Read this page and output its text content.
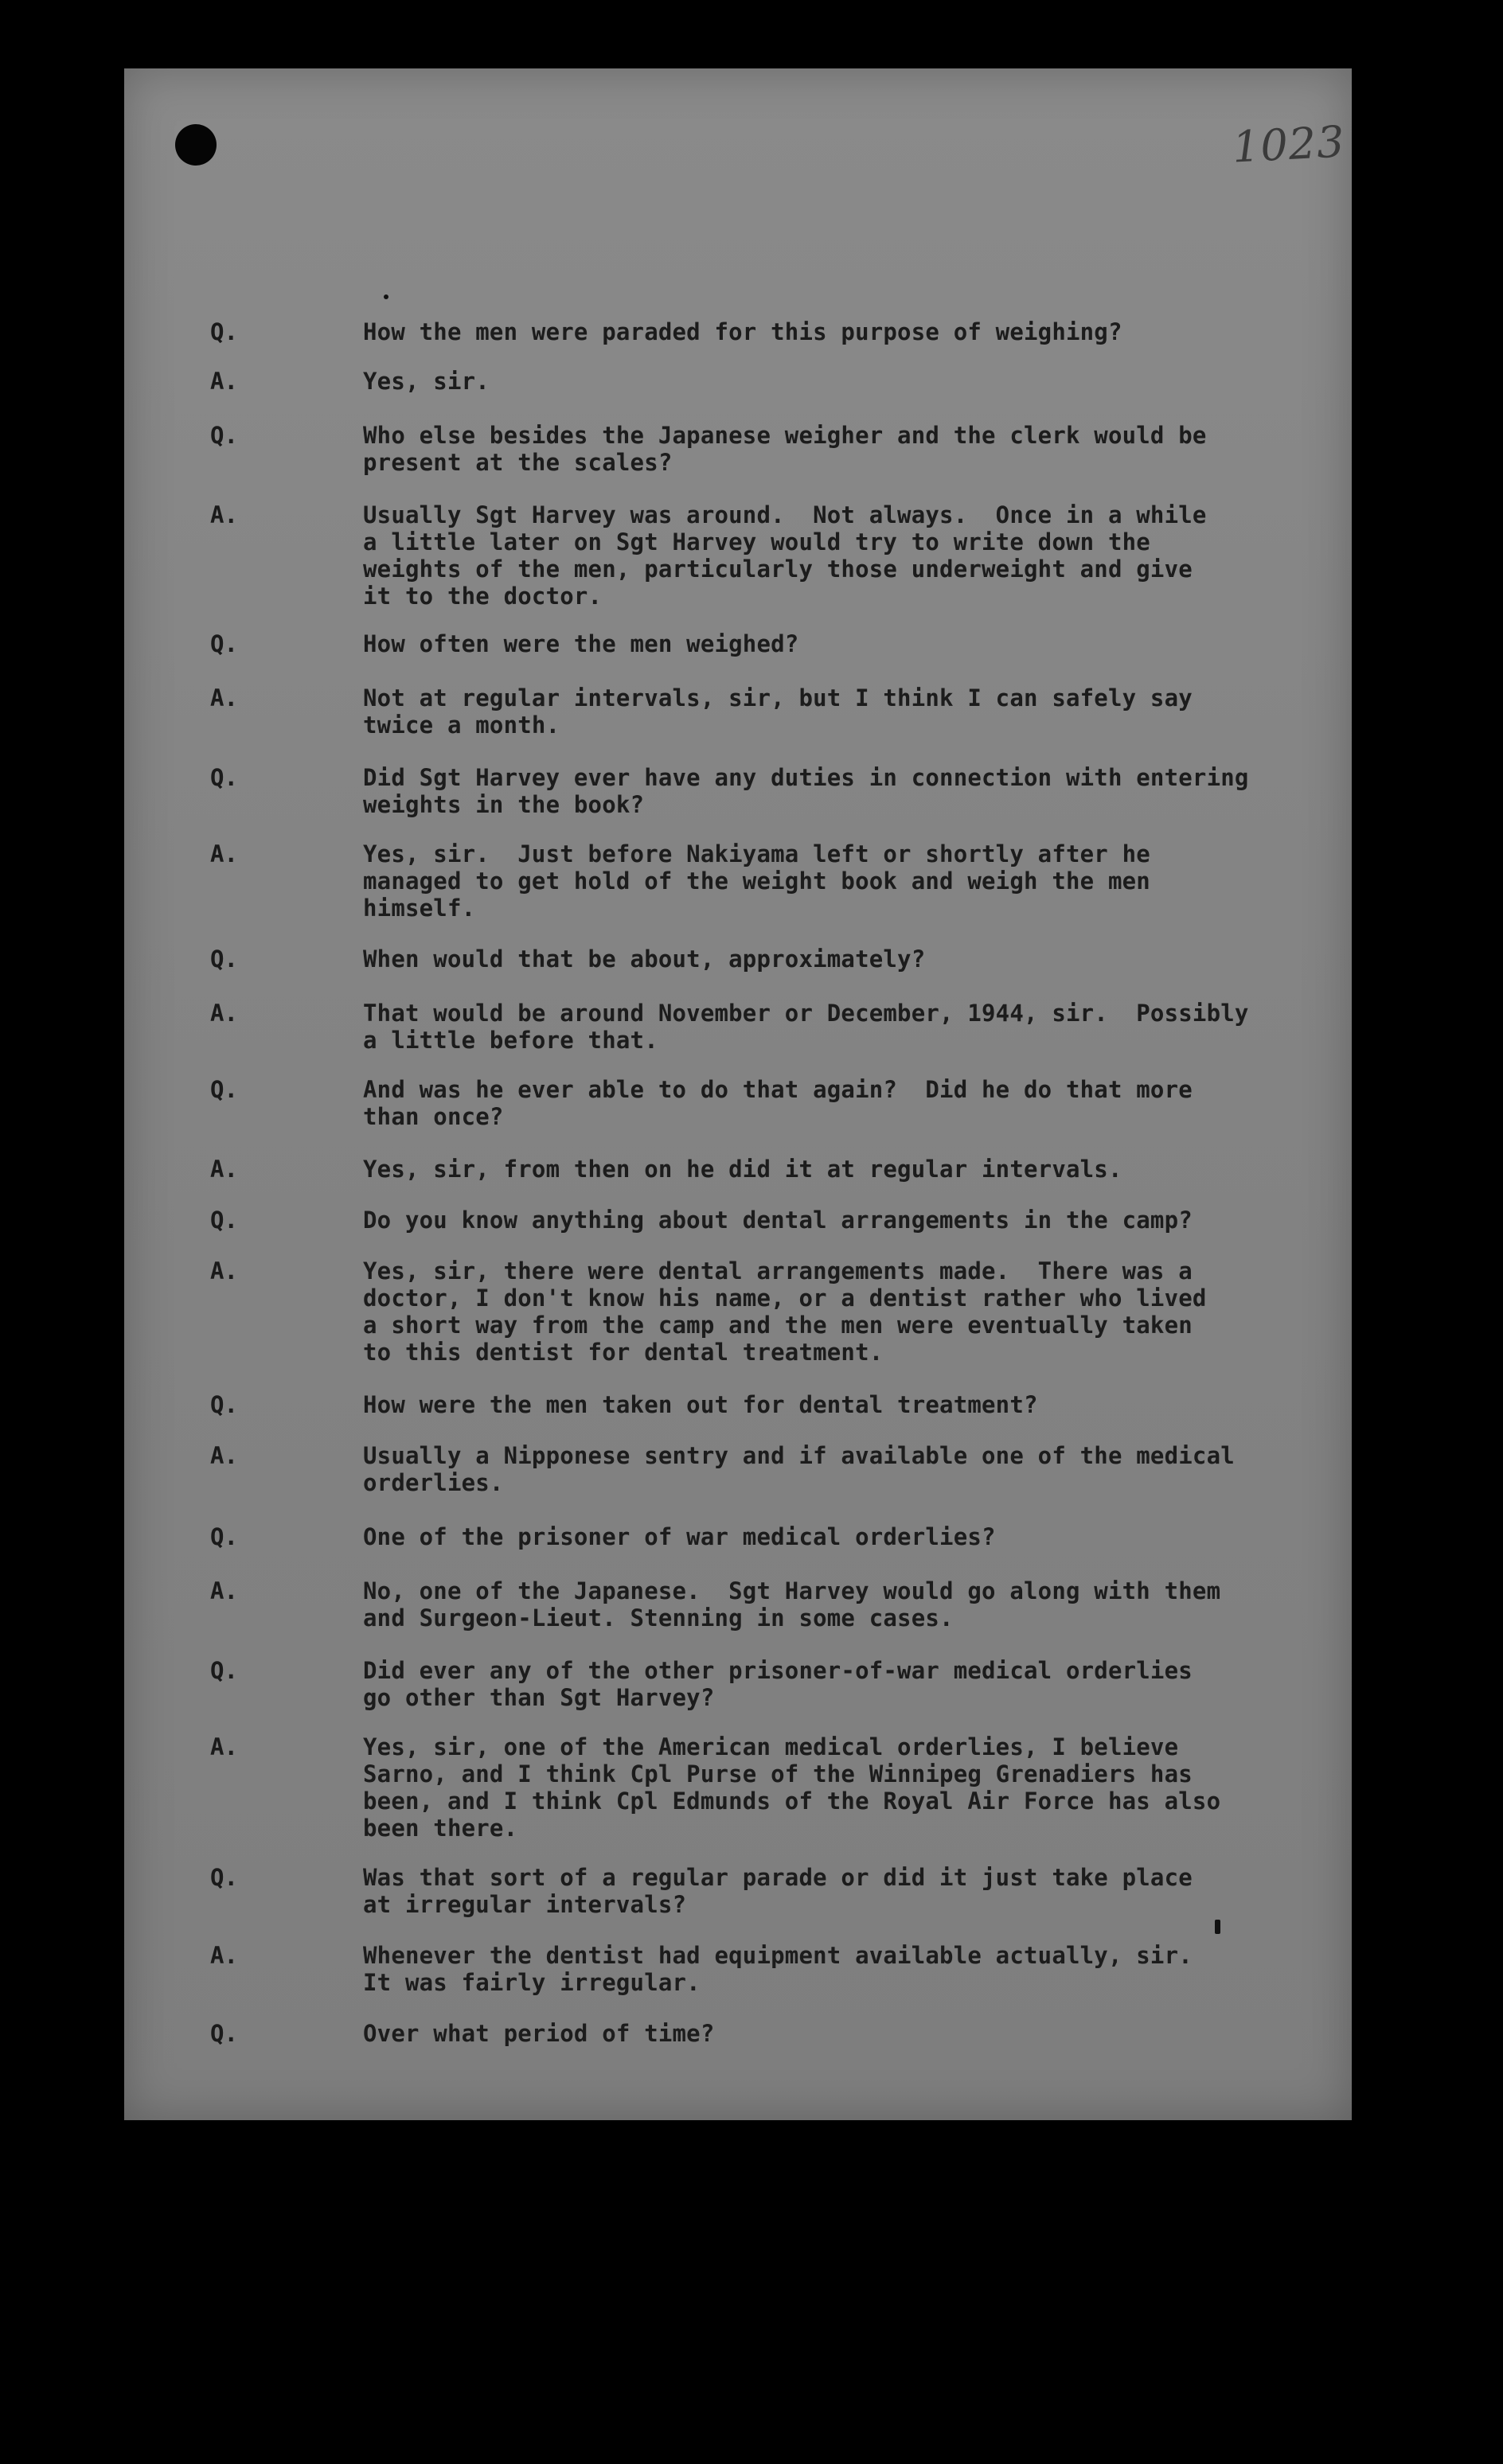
1023
Q.	How the men were paraded for this purpose of weighing?
A.	Yes, sir.
Q.	Who else besides the Japanese weigher and the clerk would be
present at the scales?
A.	Usually Sgt Harvey was around.  Not always.  Once in a while
a little later on Sgt Harvey would try to write down the
weights of the men, particularly those underweight and give
it to the doctor.
Q.	How often were the men weighed?
A.	Not at regular intervals, sir, but I think I can safely say
twice a month.
Q.	Did Sgt Harvey ever have any duties in connection with entering
weights in the book?
A.	Yes, sir.  Just before Nakiyama left or shortly after he
managed to get hold of the weight book and weigh the men
himself.
Q.	When would that be about, approximately?
A.	That would be around November or December, 1944, sir.  Possibly
a little before that.
Q.	And was he ever able to do that again?  Did he do that more
than once?
A.	Yes, sir, from then on he did it at regular intervals.
Q.	Do you know anything about dental arrangements in the camp?
A.	Yes, sir, there were dental arrangements made.  There was a
doctor, I don't know his name, or a dentist rather who lived
a short way from the camp and the men were eventually taken
to this dentist for dental treatment.
Q.	How were the men taken out for dental treatment?
A.	Usually a Nipponese sentry and if available one of the medical
orderlies.
Q.	One of the prisoner of war medical orderlies?
A.	No, one of the Japanese.  Sgt Harvey would go along with them
and Surgeon-Lieut. Stenning in some cases.
Q.	Did ever any of the other prisoner-of-war medical orderlies
go other than Sgt Harvey?
A.	Yes, sir, one of the American medical orderlies, I believe
Sarno, and I think Cpl Purse of the Winnipeg Grenadiers has
been, and I think Cpl Edmunds of the Royal Air Force has also
been there.
Q.	Was that sort of a regular parade or did it just take place
at irregular intervals?
A.	Whenever the dentist had equipment available actually, sir.
It was fairly irregular.
Q.	Over what period of time?
